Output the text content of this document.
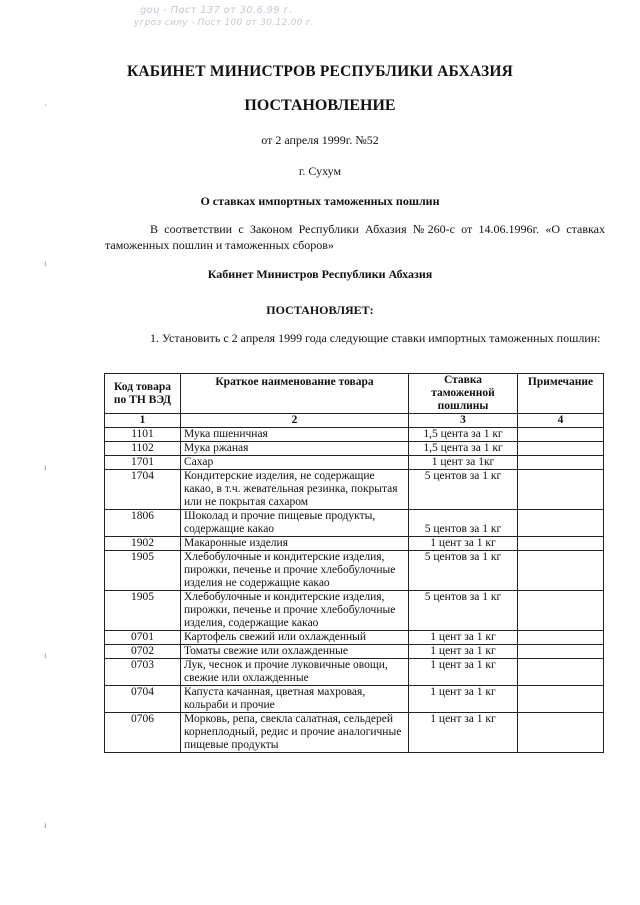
gou - Пост 137 от 30.6.99 г.
угроз силу - Пост 100 от 30.12.00 г.
·
ı
ı
ı
ı
КАБИНЕТ МИНИСТРОВ РЕСПУБЛИКИ АБХАЗИЯ
ПОСТАНОВЛЕНИЕ
от 2 апреля 1999г. №52
г. Сухум
О ставках импортных таможенных пошлин
В соответствии с Законом Республики Абхазия №260-с от 14.06.1996г. «О ставках таможенных пошлин и таможенных сборов»
Кабинет Министров Республики Абхазия
ПОСТАНОВЛЯЕТ:
1. Установить с 2 апреля 1999 года следующие ставки импортных таможенных пошлин:
Код товара по ТН ВЭД	Краткое наименование товара	Ставка таможенной пошлины	Примечание
1	2	3	4
1101	Мука пшеничная	1,5 цента за 1 кг	
1102	Мука ржаная	1,5 цента за 1 кг	
1701	Сахар	1 цент за 1кг	
1704	Кондитерские изделия, не содержащие какао, в т.ч. жевательная резинка, покрытая или не покрытая сахаром	5 центов за 1 кг	
1806	Шоколад и прочие пищевые продукты, содержащие какао	5 центов за 1 кг	
1902	Макаронные изделия	1 цент за 1 кг	
1905	Хлебобулочные и кондитерские изделия, пирожки, печенье и прочие хлебобулочные изделия не содержащие какао	5 центов за 1 кг	
1905	Хлебобулочные и кондитерские изделия, пирожки, печенье и прочие хлебобулочные изделия, содержащие какао	5 центов за 1 кг	
0701	Картофель свежий или охлажденный	1 цент за 1 кг	
0702	Томаты свежие или охлажденные	1 цент за 1 кг	
0703	Лук, чеснок и прочие луковичные овощи, свежие или охлажденные	1 цент за 1 кг	
0704	Капуста качанная, цветная махровая, кольраби и прочие	1 цент за 1 кг	
0706	Морковь, репа, свекла салатная, сельдерей корнеплодный, редис и прочие аналогичные пищевые продукты	1 цент за 1 кг	
